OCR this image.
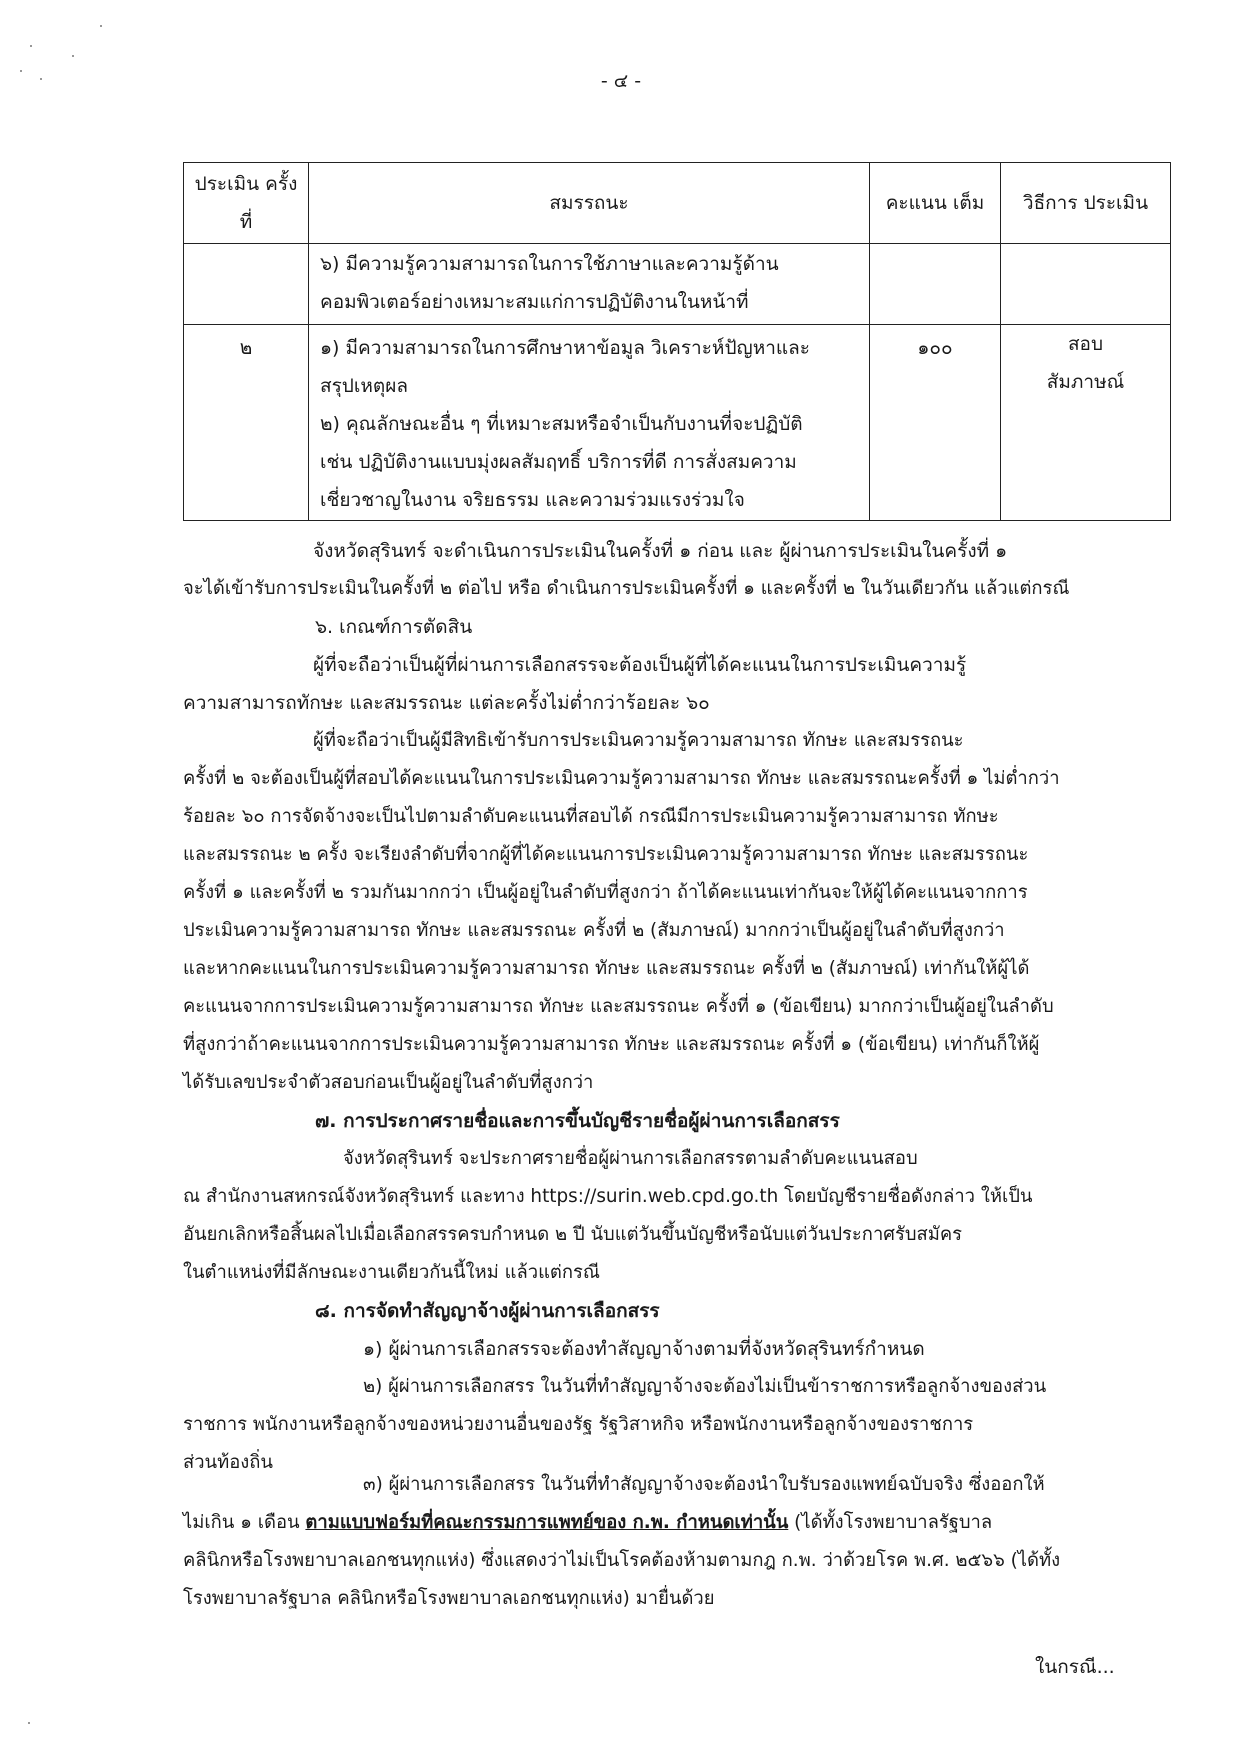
- ๔ -
ประเมิน ครั้งที่	สมรรถนะ	คะแนน เต็ม	วิธีการ ประเมิน

	๖) มีความรู้ความสามารถในการใช้ภาษาและความรู้ด้าน
คอมพิวเตอร์อย่างเหมาะสมแก่การปฏิบัติงานในหน้าที่		

๒	๑) มีความสามารถในการศึกษาหาข้อมูล วิเคราะห์ปัญหาและ
สรุปเหตุผล
๒) คุณลักษณะอื่น ๆ ที่เหมาะสมหรือจำเป็นกับงานที่จะปฏิบัติ
เช่น ปฏิบัติงานแบบมุ่งผลสัมฤทธิ์ บริการที่ดี การสั่งสมความ
เชี่ยวชาญในงาน จริยธรรม และความร่วมแรงร่วมใจ	๑๐๐	สอบ สัมภาษณ์
จังหวัดสุรินทร์ จะดำเนินการประเมินในครั้งที่ ๑ ก่อน และ ผู้ผ่านการประเมินในครั้งที่ ๑
จะได้เข้ารับการประเมินในครั้งที่ ๒ ต่อไป หรือ ดำเนินการประเมินครั้งที่ ๑ และครั้งที่ ๒ ในวันเดียวกัน แล้วแต่กรณี
๖. เกณฑ์การตัดสิน
ผู้ที่จะถือว่าเป็นผู้ที่ผ่านการเลือกสรรจะต้องเป็นผู้ที่ได้คะแนนในการประเมินความรู้
ความสามารถทักษะ และสมรรถนะ แต่ละครั้งไม่ต่ำกว่าร้อยละ ๖๐
ผู้ที่จะถือว่าเป็นผู้มีสิทธิเข้ารับการประเมินความรู้ความสามารถ ทักษะ และสมรรถนะ
ครั้งที่ ๒ จะต้องเป็นผู้ที่สอบได้คะแนนในการประเมินความรู้ความสามารถ ทักษะ และสมรรถนะครั้งที่ ๑ ไม่ต่ำกว่า
ร้อยละ ๖๐ การจัดจ้างจะเป็นไปตามลำดับคะแนนที่สอบได้ กรณีมีการประเมินความรู้ความสามารถ ทักษะ
และสมรรถนะ ๒ ครั้ง จะเรียงลำดับที่จากผู้ที่ได้คะแนนการประเมินความรู้ความสามารถ ทักษะ และสมรรถนะ
ครั้งที่ ๑ และครั้งที่ ๒ รวมกันมากกว่า เป็นผู้อยู่ในลำดับที่สูงกว่า ถ้าได้คะแนนเท่ากันจะให้ผู้ได้คะแนนจากการ
ประเมินความรู้ความสามารถ ทักษะ และสมรรถนะ ครั้งที่ ๒ (สัมภาษณ์) มากกว่าเป็นผู้อยู่ในลำดับที่สูงกว่า
และหากคะแนนในการประเมินความรู้ความสามารถ ทักษะ และสมรรถนะ ครั้งที่ ๒ (สัมภาษณ์) เท่ากันให้ผู้ได้
คะแนนจากการประเมินความรู้ความสามารถ ทักษะ และสมรรถนะ ครั้งที่ ๑ (ข้อเขียน) มากกว่าเป็นผู้อยู่ในลำดับ
ที่สูงกว่าถ้าคะแนนจากการประเมินความรู้ความสามารถ ทักษะ และสมรรถนะ ครั้งที่ ๑ (ข้อเขียน) เท่ากันก็ให้ผู้
ได้รับเลขประจำตัวสอบก่อนเป็นผู้อยู่ในลำดับที่สูงกว่า
๗. การประกาศรายชื่อและการขึ้นบัญชีรายชื่อผู้ผ่านการเลือกสรร
จังหวัดสุรินทร์ จะประกาศรายชื่อผู้ผ่านการเลือกสรรตามลำดับคะแนนสอบ
ณ สำนักงานสหกรณ์จังหวัดสุรินทร์ และทาง https://surin.web.cpd.go.th โดยบัญชีรายชื่อดังกล่าว ให้เป็น
อันยกเลิกหรือสิ้นผลไปเมื่อเลือกสรรครบกำหนด ๒ ปี นับแต่วันขึ้นบัญชีหรือนับแต่วันประกาศรับสมัคร
ในตำแหน่งที่มีลักษณะงานเดียวกันนี้ใหม่ แล้วแต่กรณี
๘. การจัดทำสัญญาจ้างผู้ผ่านการเลือกสรร
๑) ผู้ผ่านการเลือกสรรจะต้องทำสัญญาจ้างตามที่จังหวัดสุรินทร์กำหนด
๒) ผู้ผ่านการเลือกสรร ในวันที่ทำสัญญาจ้างจะต้องไม่เป็นข้าราชการหรือลูกจ้างของส่วน
ราชการ พนักงานหรือลูกจ้างของหน่วยงานอื่นของรัฐ รัฐวิสาหกิจ หรือพนักงานหรือลูกจ้างของราชการ
ส่วนท้องถิ่น
๓) ผู้ผ่านการเลือกสรร ในวันที่ทำสัญญาจ้างจะต้องนำใบรับรองแพทย์ฉบับจริง ซึ่งออกให้
ไม่เกิน ๑ เดือน ตามแบบฟอร์มที่คณะกรรมการแพทย์ของ ก.พ. กำหนดเท่านั้น (ได้ทั้งโรงพยาบาลรัฐบาล
คลินิกหรือโรงพยาบาลเอกชนทุกแห่ง) ซึ่งแสดงว่าไม่เป็นโรคต้องห้ามตามกฎ ก.พ. ว่าด้วยโรค พ.ศ. ๒๕๖๖ (ได้ทั้ง
โรงพยาบาลรัฐบาล คลินิกหรือโรงพยาบาลเอกชนทุกแห่ง) มายื่นด้วย
ในกรณี...
